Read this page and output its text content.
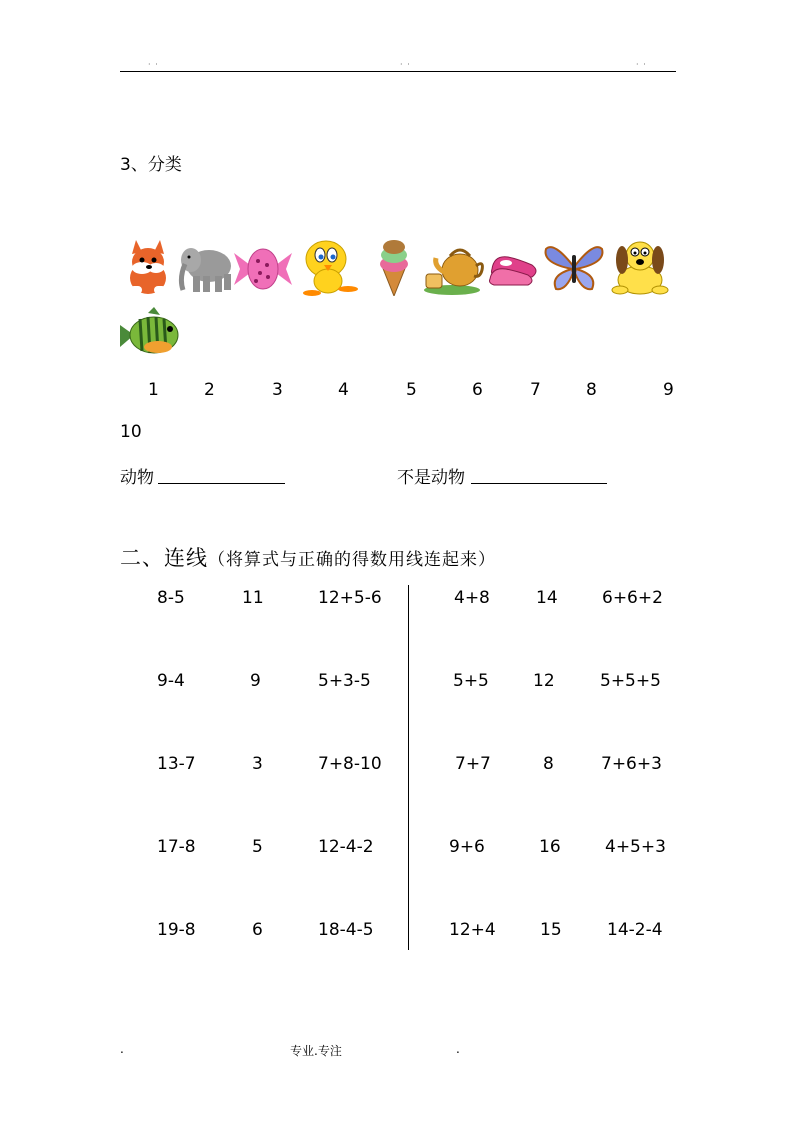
· ·	· ·	· ·
3、分类
1	2	3	4	5	6	7	8	9
10
动物	不是动物
二、连线（将算式与正确的得数用线连起来）
8-5	11	12+5-6
9-4	9	5+3-5
13-7	3	7+8-10
17-8	5	12-4-2
19-8	6	18-4-5
4+8	14	6+6+2
5+5	12	5+5+5
7+7	8	7+6+3
9+6	16	4+5+3
12+4	15	14-2-4
.	专业.专注	.
